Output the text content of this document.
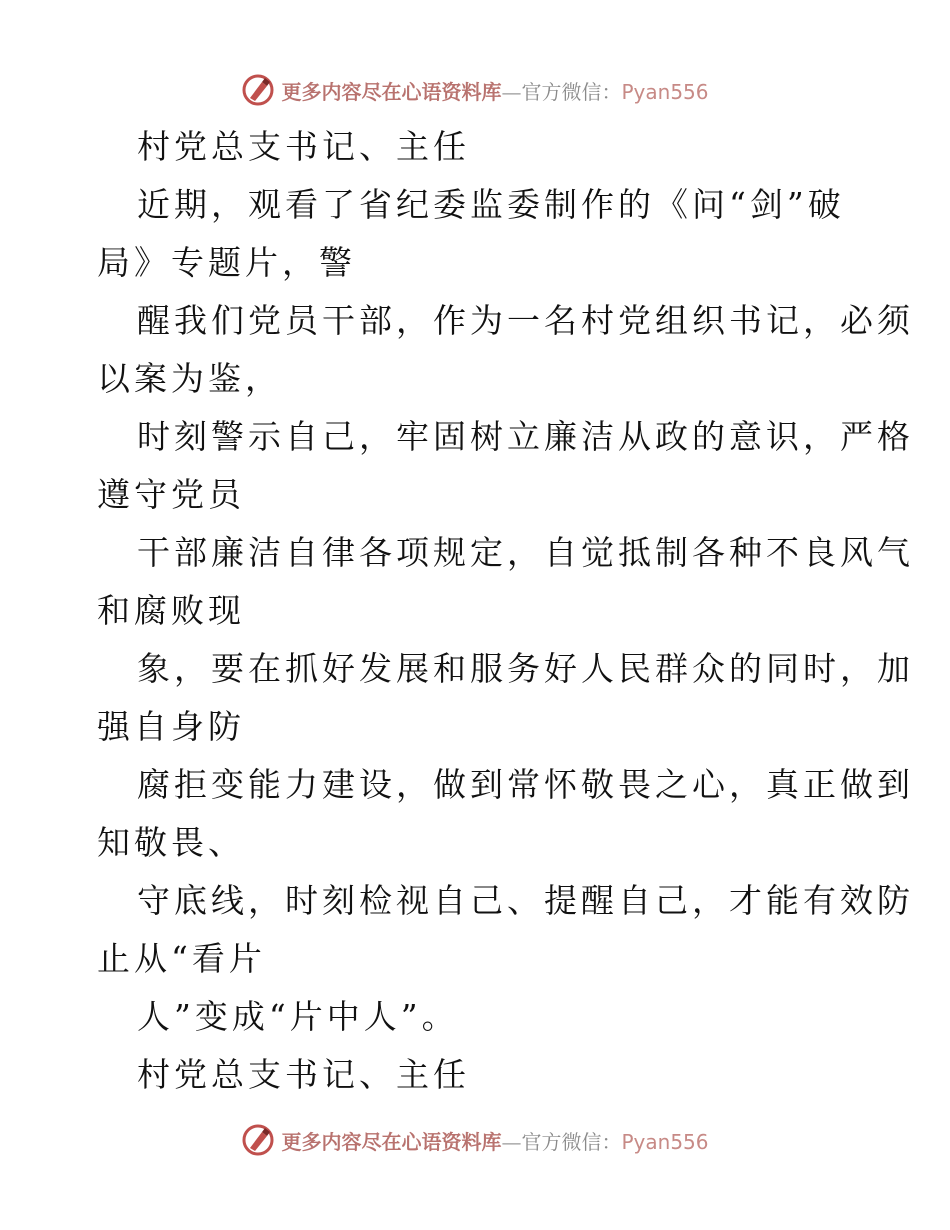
更多内容尽在心语资料库—官方微信：Pyan556
村党总支书记、主任
近期，观看了省纪委监委制作的《问“剑”破
局》专题片，警
醒我们党员干部，作为一名村党组织书记，必须
以案为鉴，
时刻警示自己，牢固树立廉洁从政的意识，严格
遵守党员
干部廉洁自律各项规定，自觉抵制各种不良风气
和腐败现
象，要在抓好发展和服务好人民群众的同时，加
强自身防
腐拒变能力建设，做到常怀敬畏之心，真正做到
知敬畏、
守底线，时刻检视自己、提醒自己，才能有效防
止从“看片
人”变成“片中人”。
村党总支书记、主任
更多内容尽在心语资料库—官方微信：Pyan556
